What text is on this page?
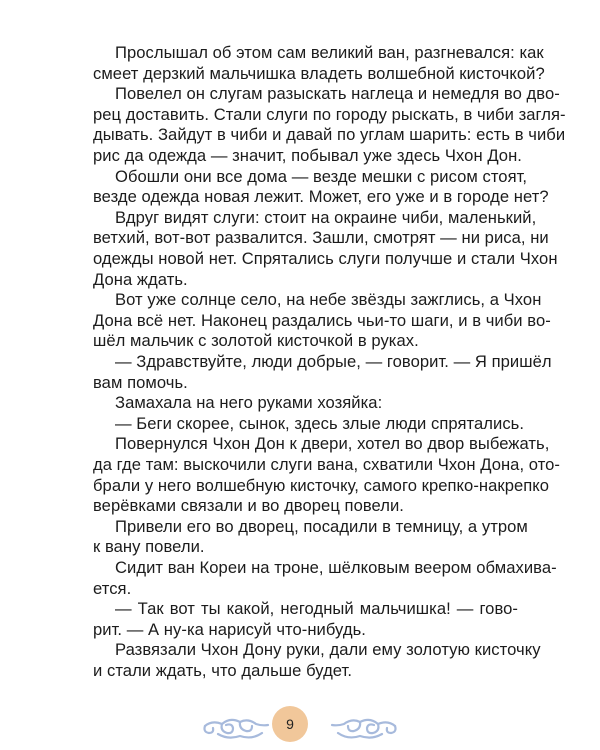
Прослышал об этом сам великий ван, разгневался: как
смеет дерзкий мальчишка владеть волшебной кисточкой?
Повелел он слугам разыскать наглеца и немедля во дво-
рец доставить. Стали слуги по городу рыскать, в чиби загля-
дывать. Зайдут в чиби и давай по углам шарить: есть в чиби
рис да одежда — значит, побывал уже здесь Чхон Дон.
Обошли они все дома — везде мешки с рисом стоят,
везде одежда новая лежит. Может, его уже и в городе нет?
Вдруг видят слуги: стоит на окраине чиби, маленький,
ветхий, вот-вот развалится. Зашли, смотрят — ни риса, ни
одежды новой нет. Спрятались слуги получше и стали Чхон
Дона ждать.
Вот уже солнце село, на небе звёзды зажглись, а Чхон
Дона всё нет. Наконец раздались чьи-то шаги, и в чиби во-
шёл мальчик с золотой кисточкой в руках.
— Здравствуйте, люди добрые, — говорит. — Я пришёл
вам помочь.
Замахала на него руками хозяйка:
— Беги скорее, сынок, здесь злые люди спрятались.
Повернулся Чхон Дон к двери, хотел во двор выбежать,
да где там: выскочили слуги вана, схватили Чхон Дона, ото-
брали у него волшебную кисточку, самого крепко-накрепко
верёвками связали и во дворец повели.
Привели его во дворец, посадили в темницу, а утром
к вану повели.
Сидит ван Кореи на троне, шёлковым веером обмахива-
ется.
— Так вот ты какой, негодный мальчишка! — гово-
рит. — А ну-ка нарисуй что-нибудь.
Развязали Чхон Дону руки, дали ему золотую кисточку
и стали ждать, что дальше будет.
9
